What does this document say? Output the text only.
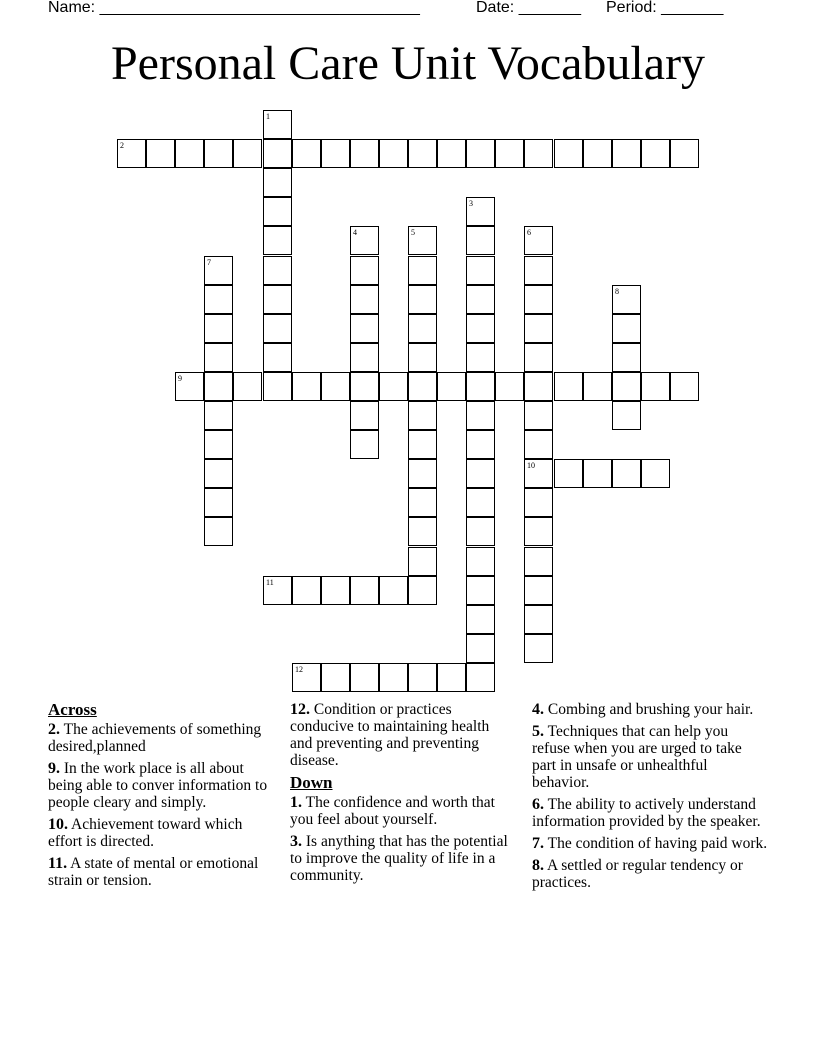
Name: ____________________________________	Date: _______ Period: _______
Personal Care Unit Vocabulary
1
2
3
4	5	6
10
7
8
9
11
12
Across

2. The achievements of something desired,planned

9. In the work place is all about being able to conver information to people cleary and simply.

10. Achievement toward which effort is directed.

11. A state of mental or emotional strain or tension.

12. Condition or practices conducive to maintaining health and preventing and preventing disease.

Down

1. The confidence and worth that you feel about yourself.

3. Is anything that has the potential to improve the quality of life in a community.

4. Combing and brushing your hair.

5. Techniques that can help you refuse when you are urged to take part in unsafe or unhealthful behavior.

6. The ability to actively understand information provided by the speaker.

7. The condition of having paid work.

8. A settled or regular tendency or practices.
